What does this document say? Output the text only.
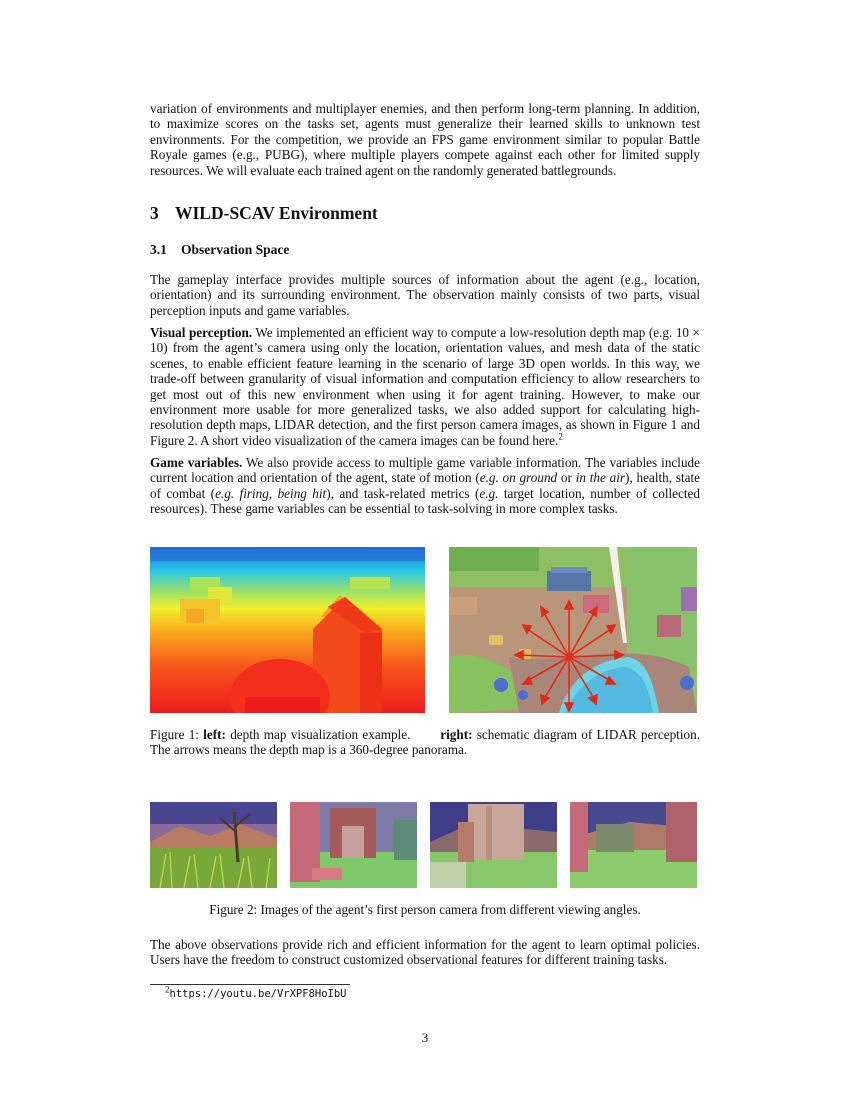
variation of environments and multiplayer enemies, and then perform long-term planning. In addition, to maximize scores on the tasks set, agents must generalize their learned skills to unknown test environments. For the competition, we provide an FPS game environment similar to popular Battle Royale games (e.g., PUBG), where multiple players compete against each other for limited supply resources. We will evaluate each trained agent on the randomly generated battlegrounds.

3 WILD-SCAV Environment
3.1 Observation Space

The gameplay interface provides multiple sources of information about the agent (e.g., location, orientation) and its surrounding environment. The observation mainly consists of two parts, visual perception inputs and game variables.

Visual perception. We implemented an efficient way to compute a low-resolution depth map (e.g. 10 × 10) from the agent’s camera using only the location, orientation values, and mesh data of the static scenes, to enable efficient feature learning in the scenario of large 3D open worlds. In this way, we trade-off between granularity of visual information and computation efficiency to allow researchers to get most out of this new environment when using it for agent training. However, to make our environment more usable for more generalized tasks, we also added support for calculating high-resolution depth maps, LIDAR detection, and the first person camera images, as shown in Figure 1 and Figure 2. A short video visualization of the camera images can be found here.$^2$

Game variables. We also provide access to multiple game variable information. The variables include current location and orientation of the agent, state of motion (e.g. on ground or in the air), health, state of combat (e.g. firing, being hit), and task-related metrics (e.g. target location, number of collected resources). These game variables can be essential to task-solving in more complex tasks.

Figure 1: left: depth map visualization example. right: schematic diagram of LIDAR perception. The arrows means the depth map is a 360-degree panorama.

Figure 2: Images of the agent’s first person camera from different viewing angles.

The above observations provide rich and efficient information for the agent to learn optimal policies. Users have the freedom to construct customized observational features for different training tasks.

$^2$https://youtu.be/VrXPF8HoIbU
3
